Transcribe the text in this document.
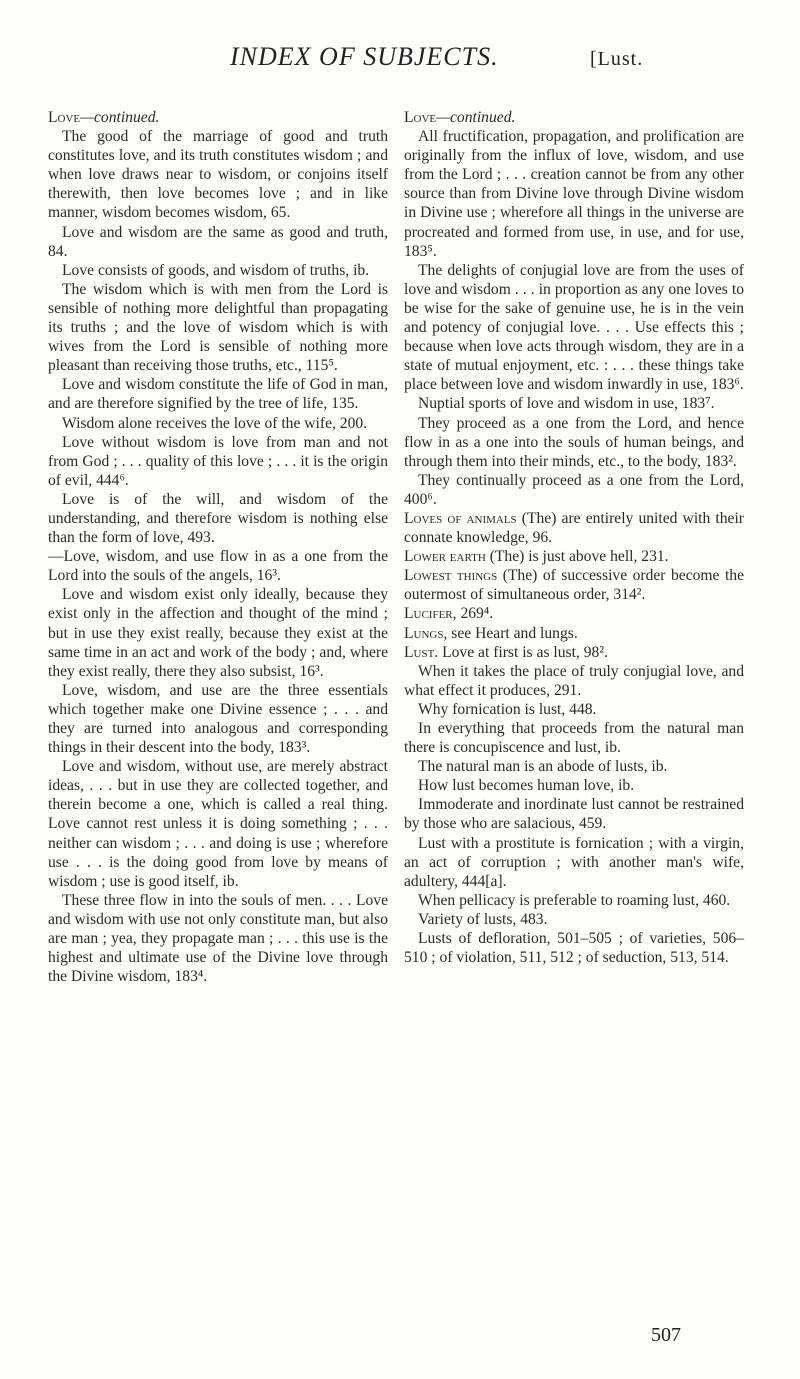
INDEX OF SUBJECTS.	[Lust.

Love—continued.

The good of the marriage of good and truth constitutes love, and its truth constitutes wisdom ; and when love draws near to wisdom, or conjoins itself therewith, then love becomes love ; and in like manner, wisdom becomes wisdom, 65.

Love and wisdom are the same as good and truth, 84.

Love consists of goods, and wisdom of truths, ib.

The wisdom which is with men from the Lord is sensible of nothing more delightful than propagating its truths ; and the love of wisdom which is with wives from the Lord is sensible of nothing more pleasant than receiving those truths, etc., 115⁵.

Love and wisdom constitute the life of God in man, and are therefore signified by the tree of life, 135.

Wisdom alone receives the love of the wife, 200.

Love without wisdom is love from man and not from God ; . . . quality of this love ; . . . it is the origin of evil, 444⁶.

Love is of the will, and wisdom of the understanding, and therefore wisdom is nothing else than the form of love, 493.

—Love, wisdom, and use flow in as a one from the Lord into the souls of the angels, 16³.

Love and wisdom exist only ideally, because they exist only in the affection and thought of the mind ; but in use they exist really, because they exist at the same time in an act and work of the body ; and, where they exist really, there they also subsist, 16³.

Love, wisdom, and use are the three essentials which together make one Divine essence ; . . . and they are turned into analogous and corresponding things in their descent into the body, 183³.

Love and wisdom, without use, are merely abstract ideas, . . . but in use they are collected together, and therein become a one, which is called a real thing. Love cannot rest unless it is doing something ; . . . neither can wisdom ; . . . and doing is use ; wherefore use . . . is the doing good from love by means of wisdom ; use is good itself, ib.

These three flow in into the souls of men. . . . Love and wisdom with use not only constitute man, but also are man ; yea, they propagate man ; . . . this use is the highest and ultimate use of the Divine love through the Divine wisdom, 183⁴.

Love—continued.

All fructification, propagation, and prolification are originally from the influx of love, wisdom, and use from the Lord ; . . . creation cannot be from any other source than from Divine love through Divine wisdom in Divine use ; wherefore all things in the universe are procreated and formed from use, in use, and for use, 183⁵.

The delights of conjugial love are from the uses of love and wisdom . . . in proportion as any one loves to be wise for the sake of genuine use, he is in the vein and potency of conjugial love. . . . Use effects this ; because when love acts through wisdom, they are in a state of mutual enjoyment, etc. : . . . these things take place between love and wisdom inwardly in use, 183⁶.

Nuptial sports of love and wisdom in use, 183⁷.

They proceed as a one from the Lord, and hence flow in as a one into the souls of human beings, and through them into their minds, etc., to the body, 183².

They continually proceed as a one from the Lord, 400⁶.

Loves of animals (The) are entirely united with their connate knowledge, 96.

Lower earth (The) is just above hell, 231.

Lowest things (The) of successive order become the outermost of simultaneous order, 314².

Lucifer, 269⁴.

Lungs, see Heart and lungs.

Lust. Love at first is as lust, 98².

When it takes the place of truly conjugial love, and what effect it produces, 291.

Why fornication is lust, 448.

In everything that proceeds from the natural man there is concupiscence and lust, ib.

The natural man is an abode of lusts, ib.

How lust becomes human love, ib.

Immoderate and inordinate lust cannot be restrained by those who are salacious, 459.

Lust with a prostitute is fornication ; with a virgin, an act of corruption ; with another man's wife, adultery, 444[a].

When pellicacy is preferable to roaming lust, 460.

Variety of lusts, 483.

Lusts of defloration, 501–505 ; of varieties, 506–510 ; of violation, 511, 512 ; of seduction, 513, 514.

507
